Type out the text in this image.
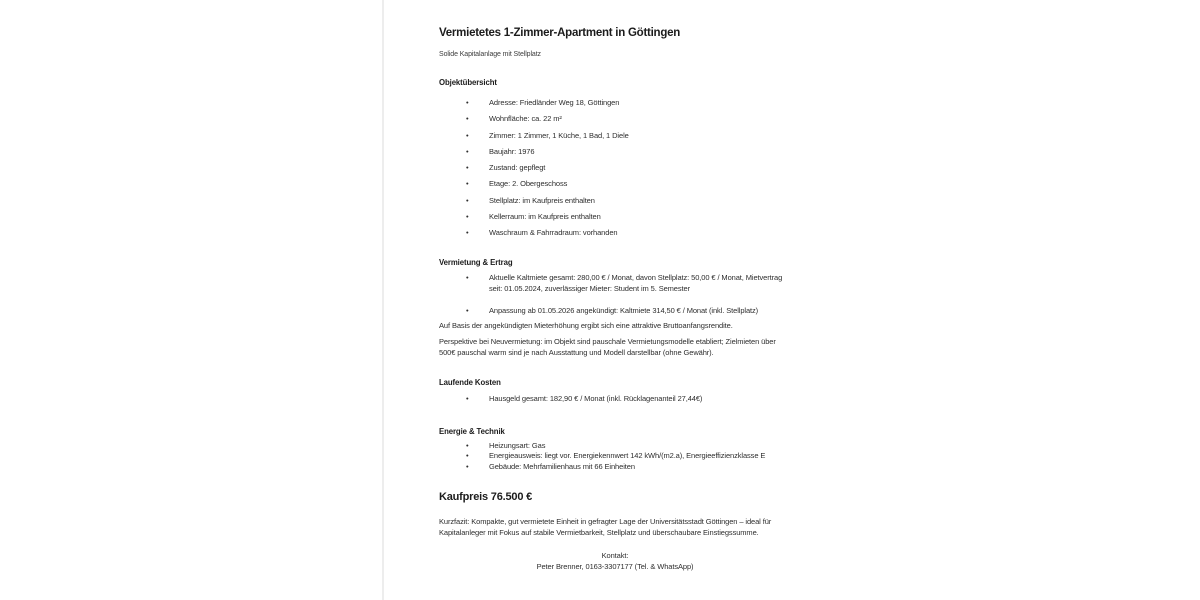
Vermietetes 1-Zimmer-Apartment in Göttingen
Solide Kapitalanlage mit Stellplatz
Objektübersicht
• Adresse: Friedländer Weg 18, Göttingen
• Wohnfläche: ca. 22 m²
• Zimmer: 1 Zimmer, 1 Küche, 1 Bad, 1 Diele
• Baujahr: 1976
• Zustand: gepflegt
• Etage: 2. Obergeschoss
• Stellplatz: im Kaufpreis enthalten
• Kellerraum: im Kaufpreis enthalten
• Waschraum & Fahrradraum: vorhanden
Vermietung & Ertrag
• Aktuelle Kaltmiete gesamt: 280,00 € / Monat, davon Stellplatz: 50,00 € / Monat, Mietvertrag seit: 01.05.2024, zuverlässiger Mieter: Student im 5. Semester
• Anpassung ab 01.05.2026 angekündigt: Kaltmiete 314,50 € / Monat (inkl. Stellplatz)

Auf Basis der angekündigten Mieterhöhung ergibt sich eine attraktive Bruttoanfangsrendite.

Perspektive bei Neuvermietung: im Objekt sind pauschale Vermietungsmodelle etabliert; Zielmieten über 500€ pauschal warm sind je nach Ausstattung und Modell darstellbar (ohne Gewähr).

Laufende Kosten
• Hausgeld gesamt: 182,90 € / Monat (inkl. Rücklagenanteil 27,44€)
Energie & Technik
• Heizungsart: Gas
• Energieausweis: liegt vor. Energiekennwert 142 kWh/(m2.a), Energieeffizienzklasse E
• Gebäude: Mehrfamilienhaus mit 66 Einheiten
Kaufpreis 76.500 €

Kurzfazit: Kompakte, gut vermietete Einheit in gefragter Lage der Universitätsstadt Göttingen – ideal für Kapitalanleger mit Fokus auf stabile Vermietbarkeit, Stellplatz und überschaubare Einstiegssumme.

Kontakt:
Peter Brenner, 0163-3307177 (Tel. & WhatsApp)
